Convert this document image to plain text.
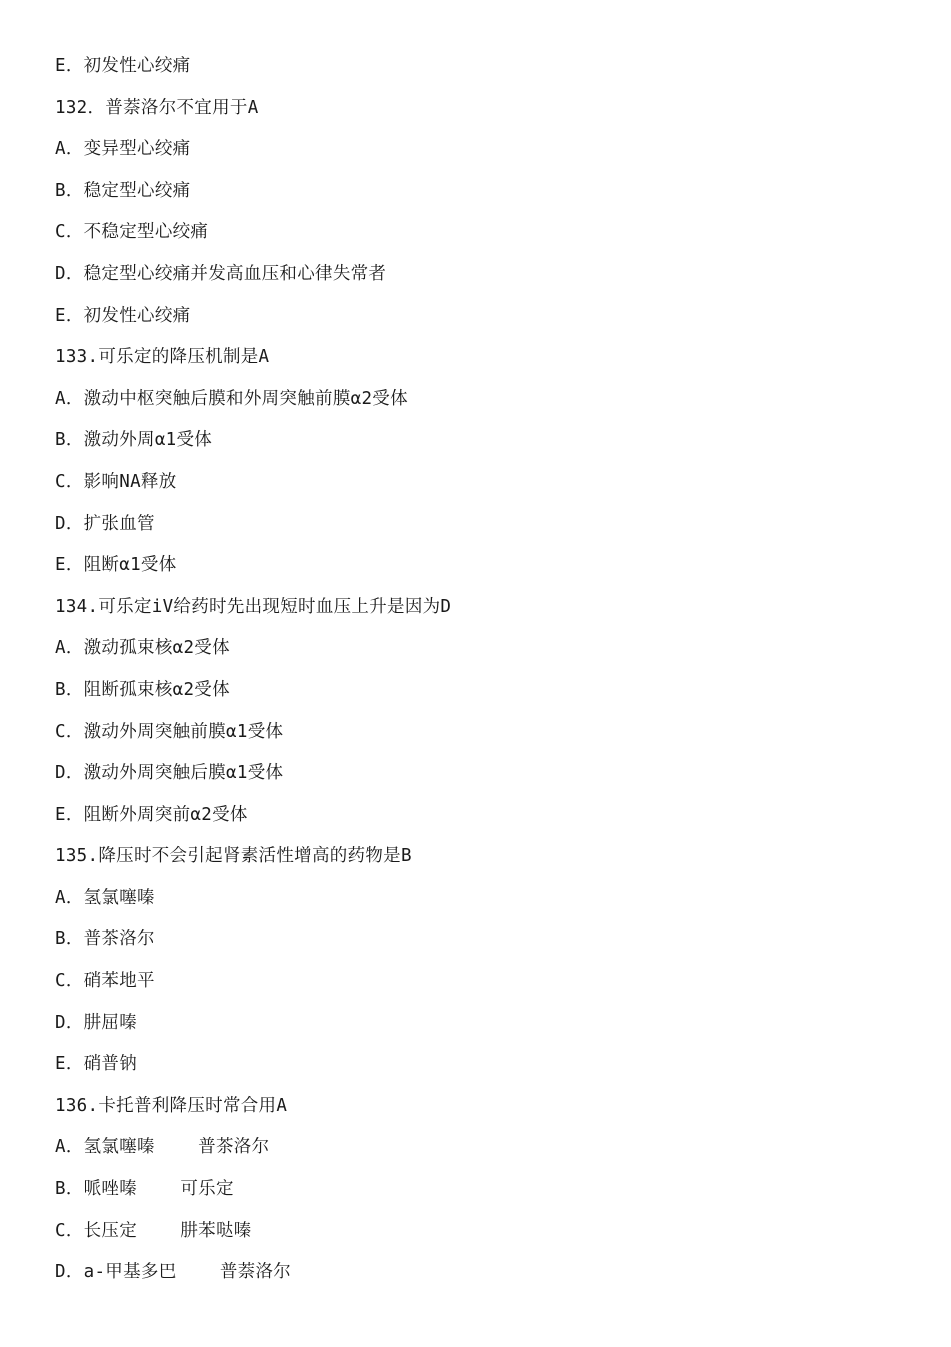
E．初发性心绞痛
132．普萘洛尔不宜用于A
A．变异型心绞痛
B．稳定型心绞痛
C．不稳定型心绞痛
D．稳定型心绞痛并发高血压和心律失常者
E．初发性心绞痛
133.可乐定的降压机制是A
A．激动中枢突触后膜和外周突触前膜α2受体
B．激动外周α1受体
C．影响NA释放
D．扩张血管
E．阻断α1受体
134.可乐定iV给药时先出现短时血压上升是因为D
A．激动孤束核α2受体
B．阻断孤束核α2受体
C．激动外周突触前膜α1受体
D．激动外周突触后膜α1受体
E．阻断外周突前α2受体
135.降压时不会引起肾素活性增高的药物是B
A．氢氯噻嗪
B．普茶洛尔
C．硝苯地平
D．肼屈嗪
E．硝普钠
136.卡托普利降压时常合用A
A．氢氯噻嗪    普茶洛尔
B．哌唑嗪    可乐定
C．长压定    肼苯哒嗪
D．a-甲基多巴    普萘洛尔
